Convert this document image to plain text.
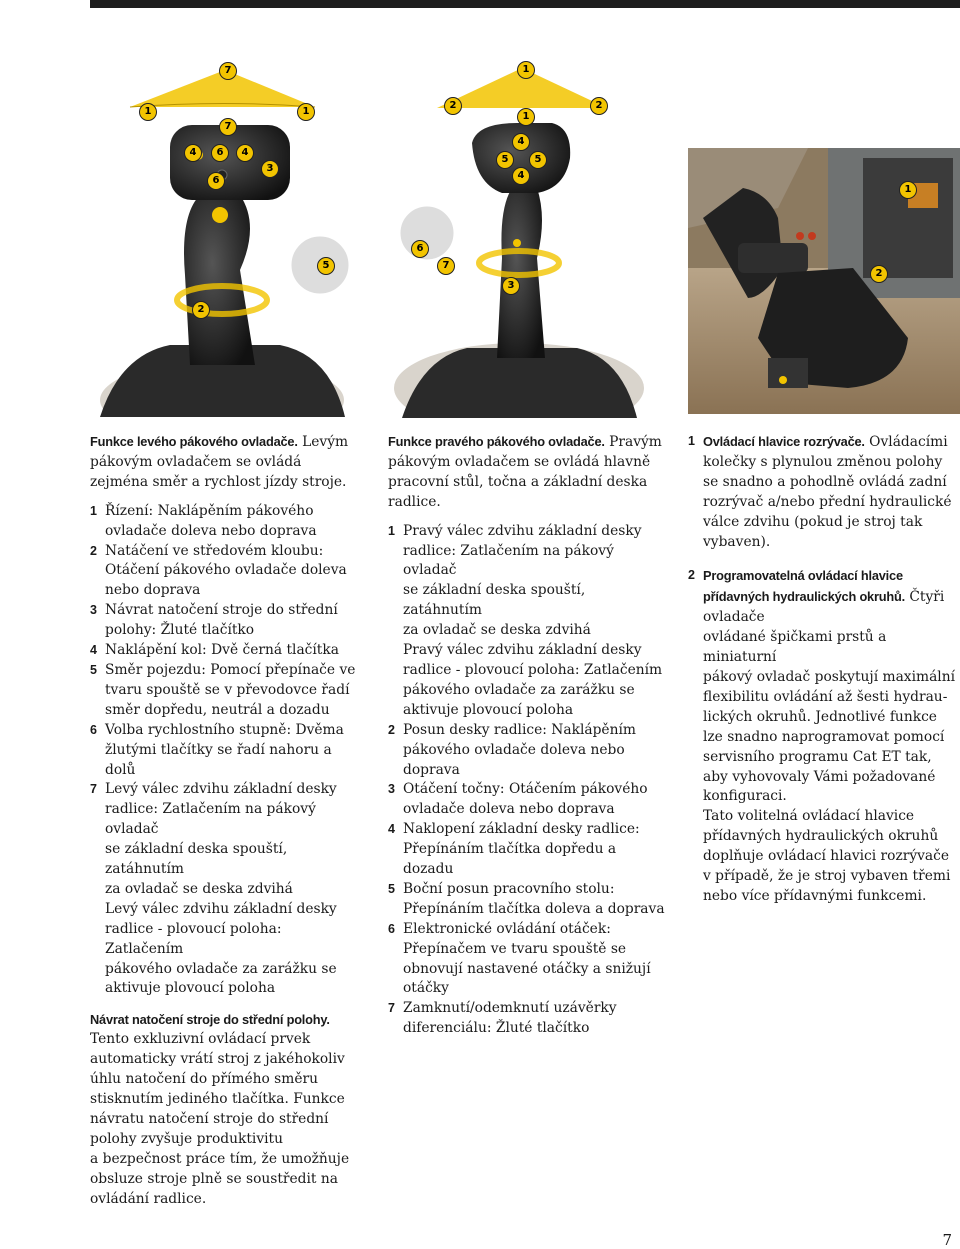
7
1
7
1
4	6	4
6
3
5
2
1
2
1
2
4
5	5
4
6
7
3
1
2

Funkce levého pákového ovladače. Levým pákovým ovladačem se ovládá zejména směr a rychlost jízdy stroje.

1 Řízení: Naklápěním pákového
ovladače doleva nebo doprava
2 Natáčení ve středovém kloubu:
Otáčení pákového ovladače doleva
nebo doprava
3 Návrat natočení stroje do střední
polohy: Žluté tlačítko
4 Naklápění kol: Dvě černá tlačítka
5 Směr pojezdu: Pomocí přepínače ve
tvaru spouště se v převodovce řadí
směr dopředu, neutrál a dozadu
6 Volba rychlostního stupně: Dvěma
žlutými tlačítky se řadí nahoru a dolů
7 Levý válec zdvihu základní desky
radlice: Zatlačením na pákový ovladač
se základní deska spouští, zatáhnutím
za ovladač se deska zdvihá
Levý válec zdvihu základní desky
radlice - plovoucí poloha: Zatlačením
pákového ovladače za zarážku se
aktivuje plovoucí poloha

Návrat natočení stroje do střední polohy.

Tento exkluzivní ovládací prvek
automaticky vrátí stroj z jakéhokoliv
úhlu natočení do přímého směru
stisknutím jediného tlačítka. Funkce
návratu natočení stroje do střední
polohy zvyšuje produktivitu
a bezpečnost práce tím, že umožňuje
obsluze stroje plně se soustředit na
ovládání radlice.

Funkce pravého pákového ovladače. Pravým pákovým ovladačem se ovládá hlavně pracovní stůl, točna a základní deska radlice.

1 Pravý válec zdvihu základní desky
radlice: Zatlačením na pákový ovladač
se základní deska spouští, zatáhnutím
za ovladač se deska zdvihá
Pravý válec zdvihu základní desky
radlice - plovoucí poloha: Zatlačením
pákového ovladače za zarážku se
aktivuje plovoucí poloha
2 Posun desky radlice: Naklápěním
pákového ovladače doleva nebo
doprava
3 Otáčení točny: Otáčením pákového
ovladače doleva nebo doprava
4 Naklopení základní desky radlice:
Přepínáním tlačítka dopředu a dozadu
5 Boční posun pracovního stolu:
Přepínáním tlačítka doleva a doprava
6 Elektronické ovládání otáček:
Přepínačem ve tvaru spouště se
obnovují nastavené otáčky a snižují
otáčky
7 Zamknutí/odemknutí uzávěrky
diferenciálu: Žluté tlačítko
1 Ovládací hlavice rozrývače. Ovládacími
kolečky s plynulou změnou polohy
se snadno a pohodlně ovládá zadní
rozrývač a/nebo přední hydraulické
válce zdvihu (pokud je stroj tak
vybaven).
2 Programovatelná ovládací hlavice přídavných hydraulických okruhů. Čtyři ovladače
ovládané špičkami prstů a miniaturní
pákový ovladač poskytují maximální
flexibilitu ovládání až šesti hydrau-
lických okruhů. Jednotlivé funkce
lze snadno naprogramovat pomocí
servisního programu Cat ET tak,
aby vyhovovaly Vámi požadované
konfiguraci.
Tato volitelná ovládací hlavice
přídavných hydraulických okruhů
doplňuje ovládací hlavici rozrývače
v případě, že je stroj vybaven třemi
nebo více přídavnými funkcemi.
7
